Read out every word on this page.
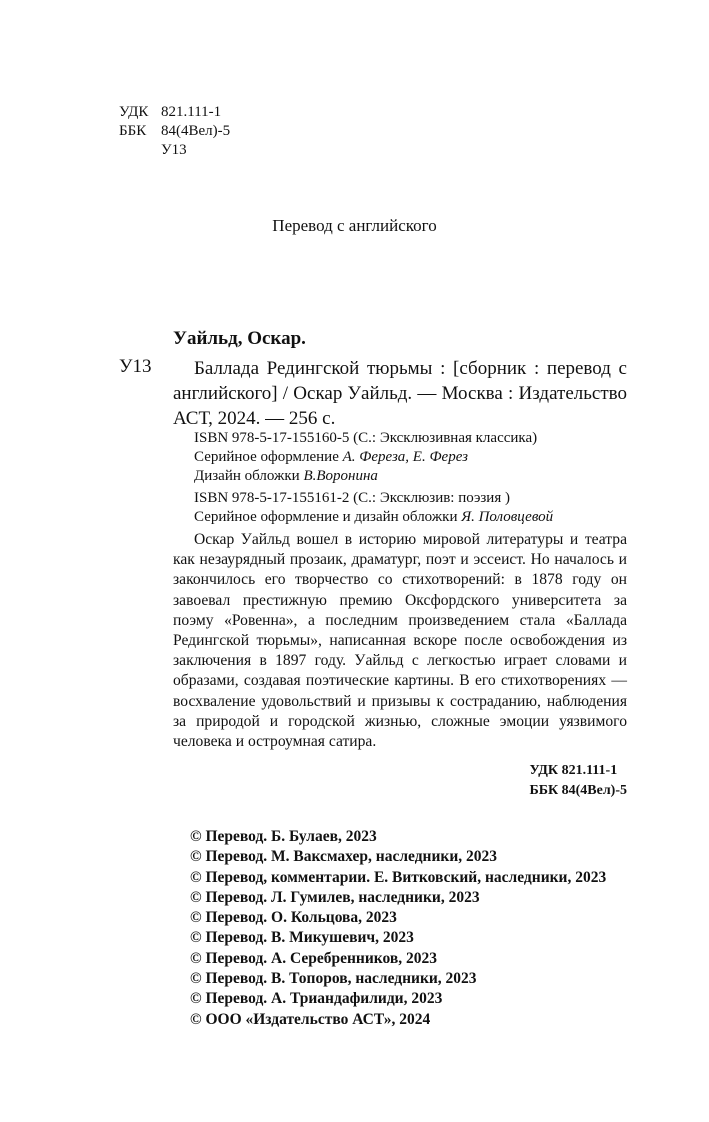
УДК 821.111-1
ББК 84(4Вел)-5
У13
Перевод с английского
Уайльд, Оскар.
У13	Баллада Редингской тюрьмы : [сборник : перевод с английского] / Оскар Уайльд. — Москва : Издательство АСТ, 2024. — 256 с.
ISBN 978-5-17-155160-5 (С.: Эксклюзивная классика)
Серийное оформление А. Фереза, Е. Ферез
Дизайн обложки В.Воронина
ISBN 978-5-17-155161-2 (С.: Эксклюзив: поэзия )
Серийное оформление и дизайн обложки Я. Половцевой
Оскар Уайльд вошел в историю мировой литературы и театра как незаурядный прозаик, драматург, поэт и эссеист. Но началось и закончилось его творчество со стихотворений: в 1878 году он завоевал престижную премию Оксфордского университета за поэму «Ровенна», а последним произведением стала «Баллада Редингской тюрьмы», написанная вскоре после освобождения из заключения в 1897 году. Уайльд с легкостью играет словами и образами, создавая поэтические картины. В его стихотворениях — восхваление удовольствий и призывы к состраданию, наблюдения за природой и городской жизнью, сложные эмоции уязвимого человека и остроумная сатира.
УДК 821.111-1
ББК 84(4Вел)-5
© Перевод. Б. Булаев, 2023
© Перевод. М. Ваксмахер, наследники, 2023
© Перевод, комментарии. Е. Витковский, наследники, 2023
© Перевод. Л. Гумилев, наследники, 2023
© Перевод. О. Кольцова, 2023
© Перевод. В. Микушевич, 2023
© Перевод. А. Серебренников, 2023
© Перевод. В. Топоров, наследники, 2023
© Перевод. А. Триандафилиди, 2023
© ООО «Издательство АСТ», 2024
